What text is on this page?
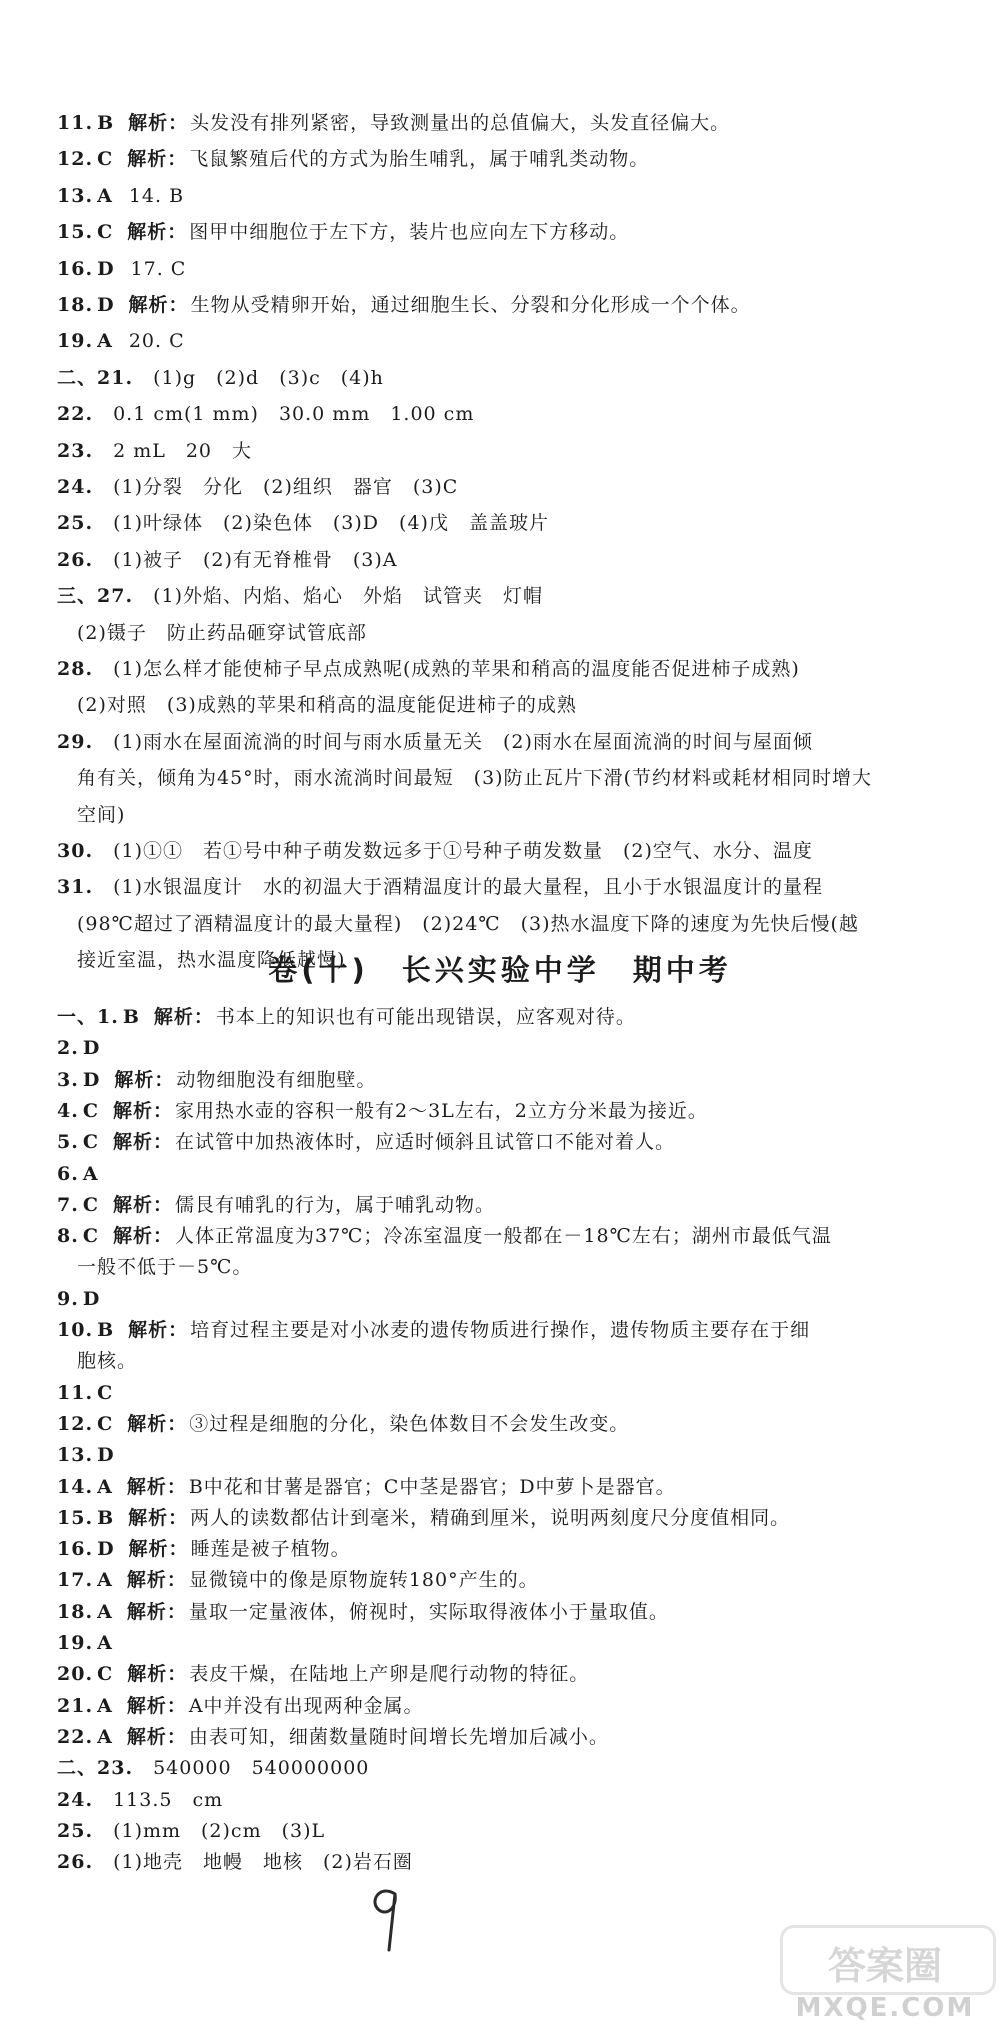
11. B 解析： 头发没有排列紧密，导致测量出的总值偏大，头发直径偏大。
12. C 解析： 飞鼠繁殖后代的方式为胎生哺乳，属于哺乳类动物。
13. A 14. B
15. C 解析： 图甲中细胞位于左下方，装片也应向左下方移动。
16. D 17. C
18. D 解析： 生物从受精卵开始，通过细胞生长、分裂和分化形成一个个体。
19. A 20. C
二、21. (1)g　(2)d　(3)c　(4)h
22. 0.1 cm(1 mm)　30.0 mm　1.00 cm
23. 2 mL　20　大
24. (1)分裂　分化　(2)组织　器官　(3)C
25. (1)叶绿体　(2)染色体　(3)D　(4)戊　盖盖玻片
26. (1)被子　(2)有无脊椎骨　(3)A
三、27. (1)外焰、内焰、焰心　外焰　试管夹　灯帽
(2)镊子　防止药品砸穿试管底部
28. (1)怎么样才能使柿子早点成熟呢(成熟的苹果和稍高的温度能否促进柿子成熟)
(2)对照　(3)成熟的苹果和稍高的温度能促进柿子的成熟
29. (1)雨水在屋面流淌的时间与雨水质量无关　(2)雨水在屋面流淌的时间与屋面倾
角有关，倾角为45°时，雨水流淌时间最短　(3)防止瓦片下滑(节约材料或耗材相同时增大
空间)
30. (1)①①　若①号中种子萌发数远多于①号种子萌发数量　(2)空气、水分、温度
31. (1)水银温度计　水的初温大于酒精温度计的最大量程，且小于水银温度计的量程
(98℃超过了酒精温度计的最大量程)　(2)24℃　(3)热水温度下降的速度为先快后慢(越
接近室温，热水温度降低越慢)
卷(十)　长兴实验中学　期中考
一、1. B 解析： 书本上的知识也有可能出现错误，应客观对待。
2. D
3. D 解析： 动物细胞没有细胞壁。
4. C 解析： 家用热水壶的容积一般有2～3L左右，2立方分米最为接近。
5. C 解析： 在试管中加热液体时，应适时倾斜且试管口不能对着人。
6. A
7. C 解析： 儒艮有哺乳的行为，属于哺乳动物。
8. C 解析： 人体正常温度为37℃；冷冻室温度一般都在－18℃左右；湖州市最低气温
一般不低于－5℃。
9. D
10. B 解析： 培育过程主要是对小冰麦的遗传物质进行操作，遗传物质主要存在于细
胞核。
11. C
12. C 解析： ③过程是细胞的分化，染色体数目不会发生改变。
13. D
14. A 解析： B中花和甘薯是器官；C中茎是器官；D中萝卜是器官。
15. B 解析： 两人的读数都估计到毫米，精确到厘米，说明两刻度尺分度值相同。
16. D 解析： 睡莲是被子植物。
17. A 解析： 显微镜中的像是原物旋转180°产生的。
18. A 解析： 量取一定量液体，俯视时，实际取得液体小于量取值。
19. A
20. C 解析： 表皮干燥，在陆地上产卵是爬行动物的特征。
21. A 解析： A中并没有出现两种金属。
22. A 解析： 由表可知，细菌数量随时间增长先增加后减小。
二、23. 540000　540000000
24. 113.5　cm
25. (1)mm　(2)cm　(3)L
26. (1)地壳　地幔　地核　(2)岩石圈
答案圈
MXQE.COM
